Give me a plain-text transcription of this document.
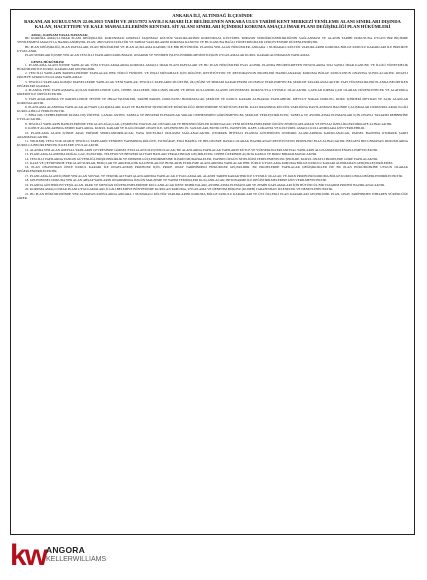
ANKARA İLİ, ALTINDAĞ İLÇESİNDE
BAKANLAR KURULUNUN 22.06.2015 TARİH VE 2015/7872 SAYILI KARARI İLE BELİRLENEN ANKARA ULUS TARİHİ KENT MERKEZİ YENİLEME ALANI SINIRLARI DIŞINDA KALAN, HACETTEPE VE KALE MAHALLELERİNİN KENTSEL SİT ALANI SINIRLARI İÇİNDEKİ KORUMA AMAÇLI İMAR PLANI DEĞİŞİKLİĞİ PLAN HÜKÜMLERİ
AMAÇ, KAPSAM YASAL DAYANAK:
BU KORUMA AMAÇLI İMAR PLANI DEĞİŞİKLİĞİ, KORUNMASI GEREKLİ TAŞINMAZ KÜLTÜR VARLIKLARININ KORUNMASI, KÜLTÜREL MİRASIN SÜRDÜRÜLEBİLİRLİĞİNİN SAĞLANMASI VE ALANIN TARİHİ DOKUSUNA UYGUN BİR BİÇİMDE YENİLENMESİ AMACIYLA HAZIRLANMIŞTIR. PLAN, 2863 SAYILI KÜLTÜR VE TABİAT VARLIKLARINI KORUMA KANUNU VE BU KANUNA BAĞLI YÖNETMELİKLER ÇERÇEVESİNDE DÜZENLENMİŞTİR.
BU PLAN DEĞİŞİKLİĞİ, PLAN PAFTALARI, PLAN HÜKÜMLERİ VE PLAN AÇIKLAMA RAPORU İLE BİR BÜTÜNDÜR. PLANDA YER ALAN HÜKÜMLER, ANKARA 1 NUMARALI KÜLTÜR VARLIKLARINI KORUMA BÖLGE KURULU KARARLARI İLE BİRLİKTE UYGULANIR.
PLAN SINIRLARI İÇİNDE YER ALAN TESCİLLİ YAPILARIN KORUNMASI, ONARIMI VE YENİDEN İŞLEVLENDİRİLMESİNE İLİŞKİN UYGULAMALAR KURUL KARARI ALINMADAN YAPILAMAZ.
GENEL HÜKÜMLER
1. PLANLAMA ALANI İÇİNDE YAPILACAK TÜM UYGULAMALARDA KORUMA AMAÇLI İMAR PLANI PAFTALARI VE BU PLAN HÜKÜMLERİ ESAS ALINIR. PLANDA BELİRTİLMEYEN HUSUSLARDA 3194 SAYILI İMAR KANUNU VE İLGİLİ YÖNETMELİK HÜKÜMLERİ İLE KURUL KARARLARI GEÇERLİDİR.
2. TESCİLLİ YAPILARIN PARSELLERİNDE YAPILACAK HER TÜRLÜ FİZİKSEL VE İNŞAİ MÜDAHALE İÇİN RÖLÖVE, RESTİTÜSYON VE RESTORASYON PROJELERİ HAZIRLANARAK KORUMA BÖLGE KURULUNUN ONAYINA SUNULACAKTIR. ONAYLI PROJEYE AYKIRI UYGULAMA YAPILAMAZ.
3. TESCİLLİ YAPILARA KOMŞU PARSELLERDE YAPILACAK YENİ YAPILAR, TESCİLLİ YAPILARIN SİLÜETİNİ, ÖLÇEĞİNİ VE MİMARİ KARAKTERİNİ OLUMSUZ ETKİLEMEYECEK ŞEKİLDE TASARLANACAKTIR. YAPI YÜKSEKLİKLERİ PLANDA BELİRTİLEN DEĞERLERİ AŞAMAZ.
4. PLANDA YENİ YAPILAŞMAYA AÇILAN PARSELLERDE ÇATI, CEPHE, MALZEME, DOLU-BOŞ ORANI VE RENK KULLANIMI ALANIN GELENEKSEL DOKUSUYLA UYUMLU OLACAKTIR. ÇATILAR KIRMA ÇATI OLARAK DÜZENLENECEK VE ALATURKA KİREMİT İLE ÖRTÜLECEKTİR.
5. YAPI ADALARINDA VE PARSELLERDE TEVHİT VE İFRAZ İŞLEMLERİ, TARİHİ PARSEL DOKUSUNU BOZMAYACAK ŞEKİLDE VE KURUL KARARI ALINARAK YAPILABİLİR. MEVCUT SOKAK DOKUSU, DOKU İÇİNDEKİ MEYDAN VE AÇIK ALANLAR KORUNACAKTIR.
6. PLANLAMA ALANINDA YAPILACAK ALTYAPI ÇALIŞMALARI, KAZI VE HAFRİYAT İŞLERİ MÜZE MÜDÜRLÜĞÜ DENETİMİNDE YÜRÜTÜLECEKTİR. KAZI SIRASINDA KÜLTÜR VARLIĞINA RASTLANMASI HALİNDE ÇALIŞMALAR DURDURULARAK İLGİLİ KURULA BİLGİ VERİLECEKTİR.
7. BİNA DIŞ CEPHELERİNDE KLİMA DIŞ ÜNİTESİ, ÇANAK ANTEN, TABELA VE BENZERİ ELEMANLAR SOKAK CEPHESİNDEN GÖRÜNMEYECEK ŞEKİLDE YERLEŞTİRİLECEK; TABELA VE AYDINLATMA ELEMANLARI İÇİN ONAYLI TASARIM REHBERİNE UYULACAKTIR.
8. TESCİLLİ YAPILARIN BAHÇELERİNDE YER ALAN AĞAÇLAR, ÇEŞMELER, HAVUZLAR, DUVARLAR VE BENZERİ ÖĞELER KORUNACAK; YENİ DÜZENLEMELERDE ÖZGÜN ZEMİN KAPLAMASI VE PEYZAJ ÖZELLİKLERİ DİKKATE ALINACAKTIR.
9. KONUT ALANLARINDA ZEMİN KATLARDA, KURUL KARARI VE İLGİLİ İDARE ONAYI İLE, GELENEKSEL EL SANATLARI, BUTİK OTEL, PANSİYON, KAFE, LOKANTA VE KÜLTÜREL AMAÇLI KULLANIMLARA İZİN VERİLEBİLİR.
10. PLANLAMA ALANI İÇİNDE ARAÇ ERİŞİMİ SINIRLANDIRILACAK; YAYA ÖNCELİKLİ DOLAŞIM SAĞLANACAKTIR. OTOPARK İHTİYACI PLANDA GÖSTERİLEN OTOPARK ALANLARINDA KARŞILANACAK, PARSEL BAZINDA OTOPARK ŞARTI ARANMAYACAKTIR.
11. YIKILMIŞ VEYA YOK OLMUŞ TESCİLLİ YAPILARIN YENİDEN YAPIMINDA RÖLÖVE, FOTOĞRAF, ESKİ HARİTA VE BELGELERE DAYALI OLARAK HAZIRLANAN RESTİTÜSYON PROJELERİ ESAS ALINACAKTIR. BELGESİ BULUNMAYAN DURUMLARDA KURULCA BELİRLENECEK İLKELERE UYULACAKTIR.
12. ALANDA YER ALAN ANITSAL YAPILARIN ÇEVRESİNDE GÖRSEL ETKİ ALANI OLUŞTURULACAK; BU ALANLARDA YAPILACAK YAPILARIN KÜTLE VE YÜKSEKLİKLERİ ANITSAL YAPILARIN ALGILANMASINI ENGELLEMEYECEKTİR.
13. PLANLAMA ALANINDA DOĞAL GAZ, ELEKTRİK, TELEFON VE BENZERİ ALTYAPI HATLARI YERALTINDAN GEÇİRİLECEK; CEPHE ÜZERİNDE AÇIKTA KABLO VE BORU BIRAKILMAYACAKTIR.
14. TESCİLLİ YAPILARDA YANGIN GÜVENLİĞİ, ERİŞİLEBİLİRLİK VE DEPREM GÜÇLENDİRMESİNE İLİŞKİN MÜDAHALELER, YAPININ ÖZGÜN NİTELİĞİNİ ZEDELEMEYECEK ŞEKİLDE, KURUL ONAYLI PROJELERE GÖRE YAPILACAKTIR.
15. KALE VE ÇEVRESİNDE YER ALAN SURLAR, BURÇLAR VE ARKEOLOJİK KALINTILAR İLE BUNLARIN ETKİLEME ALANLARINDA YAPILACAK HER TÜRLÜ UYGULAMA KORUMA BÖLGE KURULU KARARI ALINMADAN GERÇEKLEŞTİRİLEMEZ.
16. PLAN ONAYINDAN ÖNCE KURUL KARARI İLE ONAYLANMIŞ PROJELER İÇİN, PROJE ONAY TARİHİNDEKİ HÜKÜMLER GEÇERLİDİR. BU PROJELERDE YAPILACAK DEĞİŞİKLİKLER İSE BU PLAN HÜKÜMLERİNE UYGUN OLARAK DEĞERLENDİRİLECEKTİR.
17. PLANLAMA ALANI İÇİNDE YER ALAN SOSYAL VE TEKNİK ALTYAPI ALANLARINDA YAPILACAK UYGULAMALAR, ALANIN TARİHİ KARAKTERİ İLE UYUMLU OLACAK VE AVAN PROJELERİ KORUMA BÖLGE KURULUNDA DEĞERLENDİRİLECEKTİR.
18. GELENEKSEL DOKUDA YER ALAN AHŞAP YAPILARIN ONARIMINDA ÖZGÜN MALZEME VE YAPIM TEKNİKLERİ KULLANILACAK; BETONARME İLE DEĞİŞTİRİLMELERİNE İZİN VERİLMEYECEKTİR.
19. PLANDA GÖSTERİLEN YEŞİL ALAN, PARK VE MEYDAN DÜZENLEMELERİNDE KULLANILACAK KENT MOBİLYALARI, AYDINLATMA ELEMANLARI VE ZEMİN KAPLAMALARI İÇİN BÜTÜNCÜL BİR TASARIM PROJESİ HAZIRLANACAKTIR.
20. KORUMA AMAÇLI İMAR PLANI UYGULAMALARI, İLGİLİ BELEDİYE BÜNYESİNDE KURULAN KORUMA, UYGULAMA VE DENETİM BÜROSU (KUDEB) TARAFINDAN İZLENECEK VE DENETLENECEKTİR.
21. BU PLAN HÜKÜMLERİNDE YER ALMAYAN KONULARDA ANKARA 1 NUMARALI KÜLTÜR VARLIKLARINI KORUMA BÖLGE KURULU KARARLARI VE ÜST ÖLÇEKLİ PLAN KARARLARI GEÇERLİDİR. PLAN, ONAY TARİHİNDEN İTİBAREN YÜRÜRLÜĞE GİRER.
kw ANGORA
KELLERWILLIAMS
